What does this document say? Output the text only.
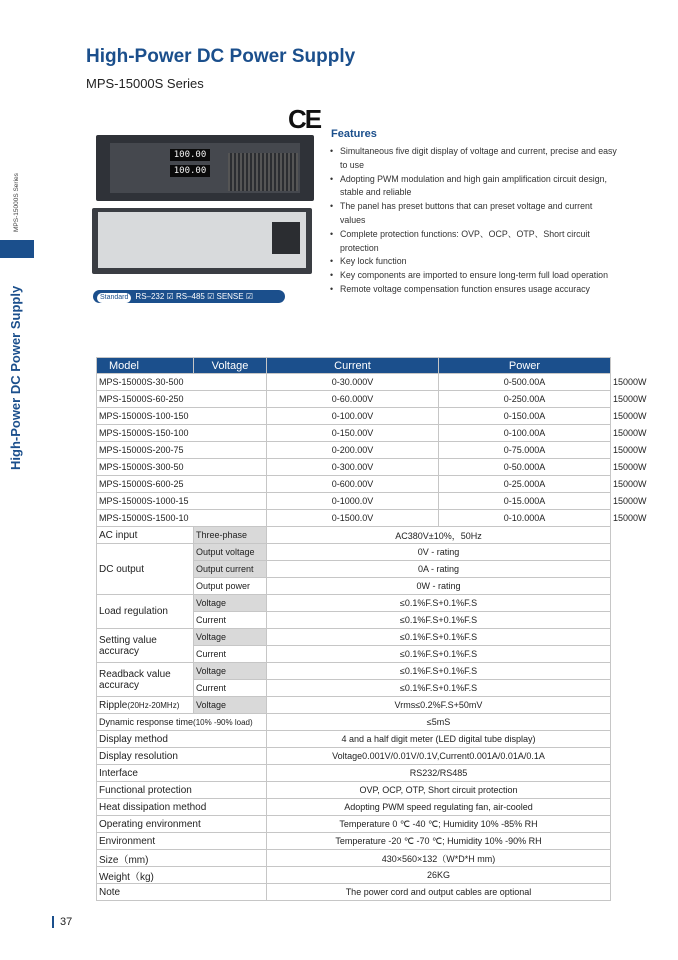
MPS-15000S Series
High-Power DC Power Supply
High-Power DC Power Supply
MPS-15000S Series
100.00
100.00
CE
Standard RS–232 ☑ RS–485 ☑ SENSE ☑
Features
• Simultaneous five digit display of voltage and current, precise and easy to use
• Adopting PWM modulation and high gain amplification circuit design, stable and reliable
• The panel has preset buttons that can preset voltage and current values
• Complete protection functions: OVP、OCP、OTP、Short circuit protection
• Key lock function
• Key components are imported to ensure long-term full load operation
• Remote voltage compensation function ensures usage accuracy
Model	Voltage	Current	Power	
MPS-15000S-30-500		0-30.000V	0-500.00A	15000W
MPS-15000S-60-250		0-60.000V	0-250.00A	15000W
MPS-15000S-100-150		0-100.00V	0-150.00A	15000W
MPS-15000S-150-100		0-150.00V	0-100.00A	15000W
MPS-15000S-200-75		0-200.00V	0-75.000A	15000W
MPS-15000S-300-50		0-300.00V	0-50.000A	15000W
MPS-15000S-600-25		0-600.00V	0-25.000A	15000W
MPS-15000S-1000-15		0-1000.0V	0-15.000A	15000W
MPS-15000S-1500-10		0-1500.0V	0-10.000A	15000W
AC input	Three-phase	AC380V±10%，50Hz		
DC output	Output voltage	0V - rating		
	Output current	0A - rating		
	Output power	0W - rating		
Load regulation	Voltage	≤0.1%F.S+0.1%F.S		
	Current	≤0.1%F.S+0.1%F.S		
Setting value accuracy	Voltage	≤0.1%F.S+0.1%F.S		
	Current	≤0.1%F.S+0.1%F.S		
Readback value accuracy	Voltage	≤0.1%F.S+0.1%F.S		
	Current	≤0.1%F.S+0.1%F.S		
Ripple(20Hz-20MHz)	Voltage	Vrms≤0.2%F.S+50mV		
Dynamic response time(10% -90% load)		≤5mS		
Display method		4 and a half digit meter (LED digital tube display)		
Display resolution		Voltage0.001V/0.01V/0.1V,Current0.001A/0.01A/0.1A		
Interface		RS232/RS485		
Functional protection		OVP, OCP, OTP, Short circuit protection		
Heat dissipation method		Adopting PWM speed regulating fan, air-cooled		
Operating environment		Temperature 0 ℃ -40 ℃; Humidity 10% -85% RH		
Environment		Temperature -20 ℃ -70 ℃; Humidity 10% -90% RH		
Size（mm)		430×560×132（W*D*H mm)		
Weight（kg)		26KG		
Note		The power cord and output cables are optional		
37
